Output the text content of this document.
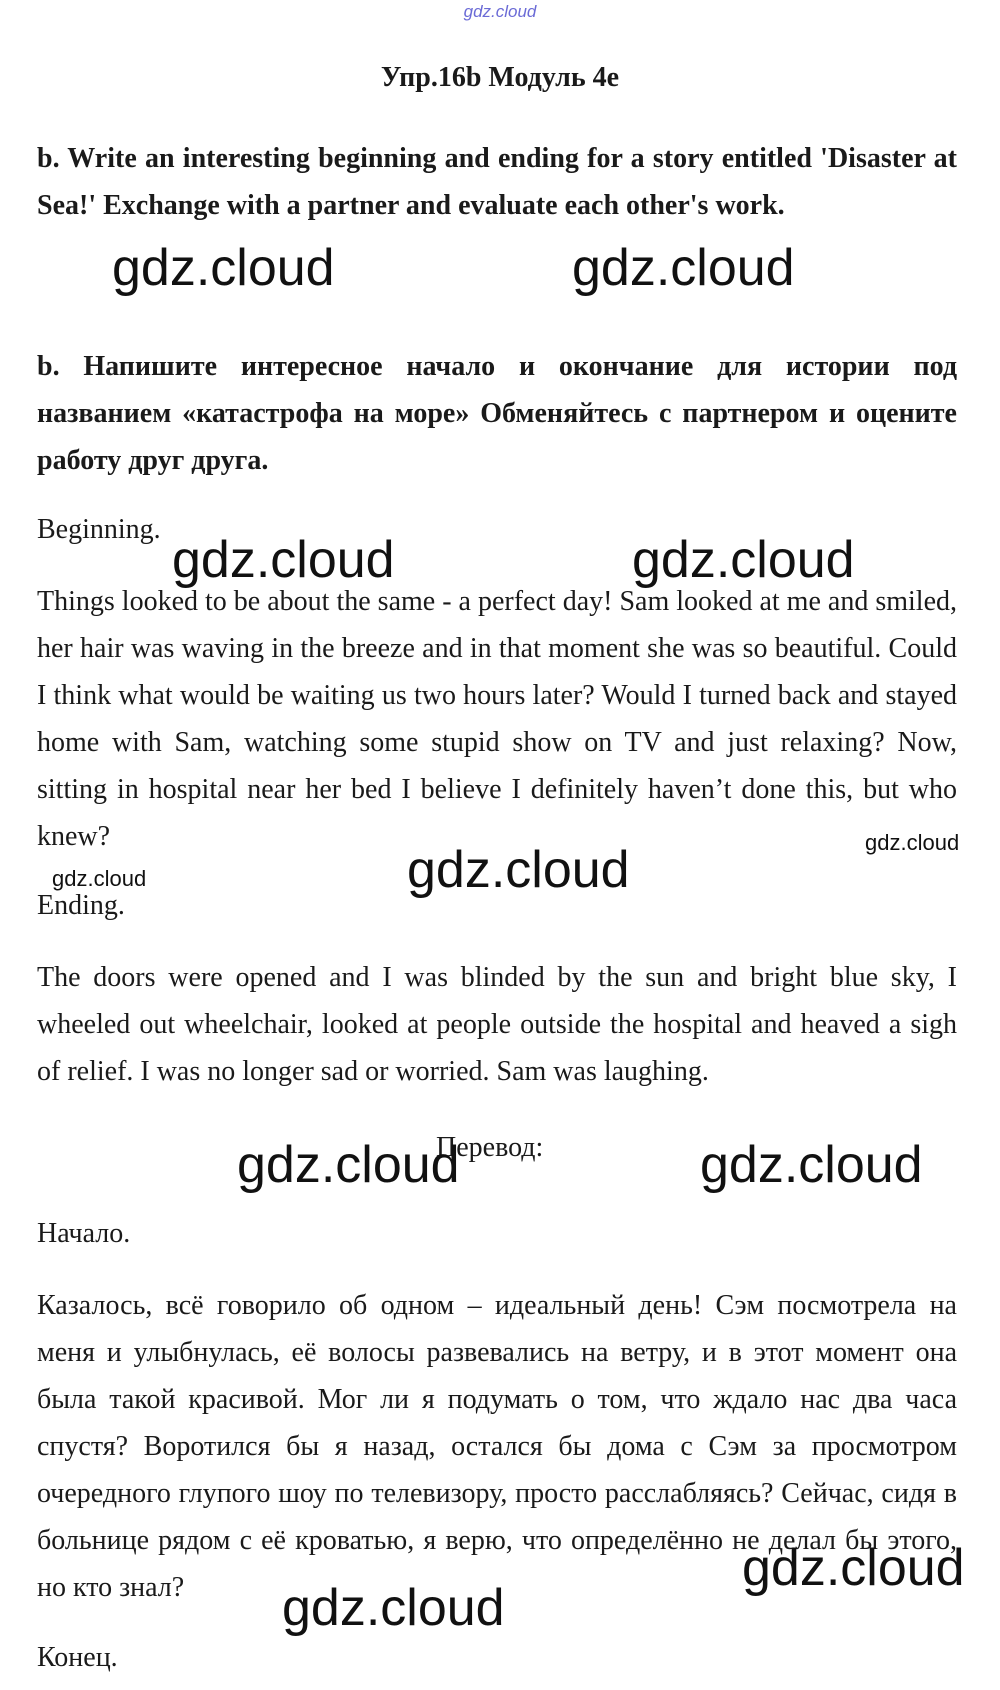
gdz.cloud
Упр.16b Модуль 4e
b. Write an interesting beginning and ending for a story entitled 'Disaster at Sea!' Exchange with a partner and evaluate each other's work.
b. Напишите интересное начало и окончание для истории под названием «катастрофа на море» Обменяйтесь с партнером и оцените работу друг друга.
Beginning.
Things looked to be about the same - a perfect day! Sam looked at me and smiled, her hair was waving in the breeze and in that moment she was so beautiful. Could I think what would be waiting us two hours later? Would I turned back and stayed home with Sam, watching some stupid show on TV and just relaxing? Now, sitting in hospital near her bed I believe I definitely haven’t done this, but who knew?
Ending.
The doors were opened and I was blinded by the sun and bright blue sky, I wheeled out wheelchair, looked at people outside the hospital and heaved a sigh of relief. I was no longer sad or worried. Sam was laughing.
Перевод:
Начало.
Казалось, всё говорило об одном – идеальный день! Сэм посмотрела на меня и улыбнулась, её волосы развевались на ветру, и в этот момент она была такой красивой. Мог ли я подумать о том, что ждало нас два часа спустя? Воротился бы я назад, остался бы дома с Сэм за просмотром очередного глупого шоу по телевизору, просто расслабляясь? Сейчас, сидя в больнице рядом с её кроватью, я верю, что определённо не делал бы этого, но кто знал?
Конец.
gdz.cloud	gdz.cloud
gdz.cloud	gdz.cloud
gdz.cloud
gdz.cloud
gdz.cloud
gdz.cloud	gdz.cloud
gdz.cloud
gdz.cloud
